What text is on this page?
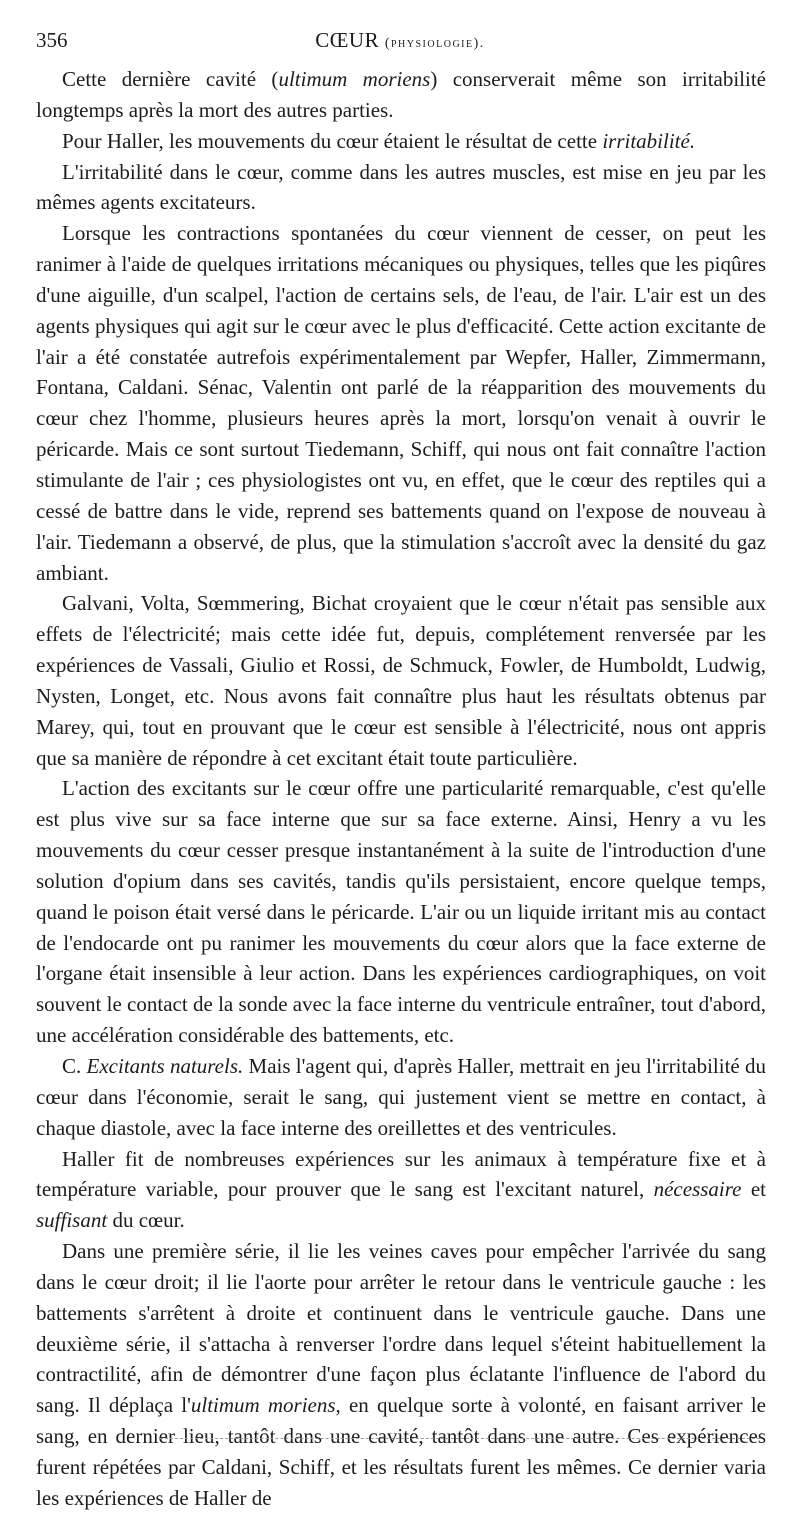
356	CŒUR (physiologie).

Cette dernière cavité (ultimum moriens) conserverait même son irritabilité longtemps après la mort des autres parties.

Pour Haller, les mouvements du cœur étaient le résultat de cette irritabilité.

L'irritabilité dans le cœur, comme dans les autres muscles, est mise en jeu par les mêmes agents excitateurs.

Lorsque les contractions spontanées du cœur viennent de cesser, on peut les ranimer à l'aide de quelques irritations mécaniques ou physiques, telles que les piqûres d'une aiguille, d'un scalpel, l'action de certains sels, de l'eau, de l'air. L'air est un des agents physiques qui agit sur le cœur avec le plus d'efficacité. Cette action excitante de l'air a été constatée autrefois expérimentalement par Wepfer, Haller, Zimmermann, Fontana, Caldani. Sénac, Valentin ont parlé de la réapparition des mouvements du cœur chez l'homme, plusieurs heures après la mort, lorsqu'on venait à ouvrir le péricarde. Mais ce sont surtout Tiedemann, Schiff, qui nous ont fait connaître l'action stimulante de l'air ; ces physiologistes ont vu, en effet, que le cœur des reptiles qui a cessé de battre dans le vide, reprend ses battements quand on l'expose de nouveau à l'air. Tiedemann a observé, de plus, que la stimulation s'accroît avec la densité du gaz ambiant.

Galvani, Volta, Sœmmering, Bichat croyaient que le cœur n'était pas sensible aux effets de l'électricité; mais cette idée fut, depuis, complétement renversée par les expériences de Vassali, Giulio et Rossi, de Schmuck, Fowler, de Humboldt, Ludwig, Nysten, Longet, etc. Nous avons fait connaître plus haut les résultats obtenus par Marey, qui, tout en prouvant que le cœur est sensible à l'électricité, nous ont appris que sa manière de répondre à cet excitant était toute particulière.

L'action des excitants sur le cœur offre une particularité remarquable, c'est qu'elle est plus vive sur sa face interne que sur sa face externe. Ainsi, Henry a vu les mouvements du cœur cesser presque instantanément à la suite de l'introduction d'une solution d'opium dans ses cavités, tandis qu'ils persistaient, encore quelque temps, quand le poison était versé dans le péricarde. L'air ou un liquide irritant mis au contact de l'endocarde ont pu ranimer les mouvements du cœur alors que la face externe de l'organe était insensible à leur action. Dans les expériences cardiographiques, on voit souvent le contact de la sonde avec la face interne du ventricule entraîner, tout d'abord, une accélération considérable des battements, etc.

C. Excitants naturels. Mais l'agent qui, d'après Haller, mettrait en jeu l'irritabilité du cœur dans l'économie, serait le sang, qui justement vient se mettre en contact, à chaque diastole, avec la face interne des oreillettes et des ventricules.

Haller fit de nombreuses expériences sur les animaux à température fixe et à température variable, pour prouver que le sang est l'excitant naturel, nécessaire et suffisant du cœur.

Dans une première série, il lie les veines caves pour empêcher l'arrivée du sang dans le cœur droit; il lie l'aorte pour arrêter le retour dans le ventricule gauche : les battements s'arrêtent à droite et continuent dans le ventricule gauche. Dans une deuxième série, il s'attacha à renverser l'ordre dans lequel s'éteint habituellement la contractilité, afin de démontrer d'une façon plus éclatante l'influence de l'abord du sang. Il déplaça l'ultimum moriens, en quelque sorte à volonté, en faisant arriver le sang, en dernier lieu, tantôt dans une cavité, tantôt dans une autre. Ces expériences furent répétées par Caldani, Schiff, et les résultats furent les mêmes. Ce dernier varia les expériences de Haller de
